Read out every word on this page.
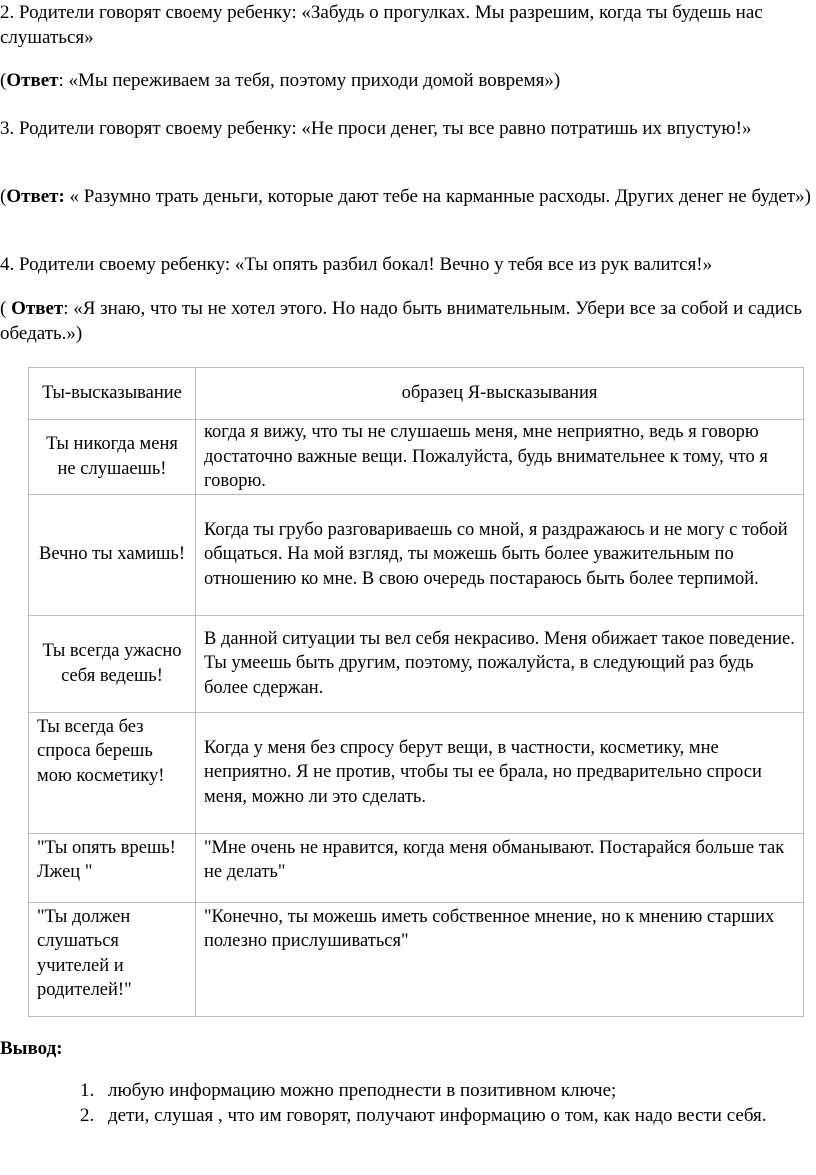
2. Родители говорят своему ребенку: «Забудь о прогулках. Мы разрешим, когда ты будешь нас слушаться»

(Ответ: «Мы переживаем за тебя, поэтому приходи домой вовремя»)

3. Родители говорят своему ребенку: «Не проси денег, ты все равно потратишь их впустую!»

(Ответ: « Разумно трать деньги, которые дают тебе на карманные расходы. Других денег не будет»)

4. Родители своему ребенку: «Ты опять разбил бокал! Вечно у тебя все из рук валится!»

( Ответ: «Я знаю, что ты не хотел этого. Но надо быть внимательным. Убери все за собой и садись обедать.»)

Ты-высказывание	образец Я-высказывания
Ты никогда меня не слушаешь!	когда я вижу, что ты не слушаешь меня, мне неприятно, ведь я говорю достаточно важные вещи. Пожалуйста, будь внимательнее к тому, что я говорю.
Вечно ты хамишь!	Когда ты грубо разговариваешь со мной, я раздражаюсь и не могу с тобой общаться. На мой взгляд, ты можешь быть более уважительным по отношению ко мне. В свою очередь постараюсь быть более терпимой.
Ты всегда ужасно себя ведешь!	В данной ситуации ты вел себя некрасиво. Меня обижает такое поведение. Ты умеешь быть другим, поэтому, пожалуйста, в следующий раз будь более сдержан.
Ты всегда без спроса берешь мою косметику!	Когда у меня без спросу берут вещи, в частности, косметику, мне неприятно. Я не против, чтобы ты ее брала, но предварительно спроси меня, можно ли это сделать.
"Ты опять врешь! Лжец "	"Мне очень не нравится, когда меня обманывают. Постарайся больше так не делать"
"Ты должен слушаться учителей и родителей!"	"Конечно, ты можешь иметь собственное мнение, но к мнению старших полезно прислушиваться"

Вывод:

1. любую информацию можно преподнести в позитивном ключе;
2. дети, слушая , что им говорят, получают информацию о том, как надо вести себя.
